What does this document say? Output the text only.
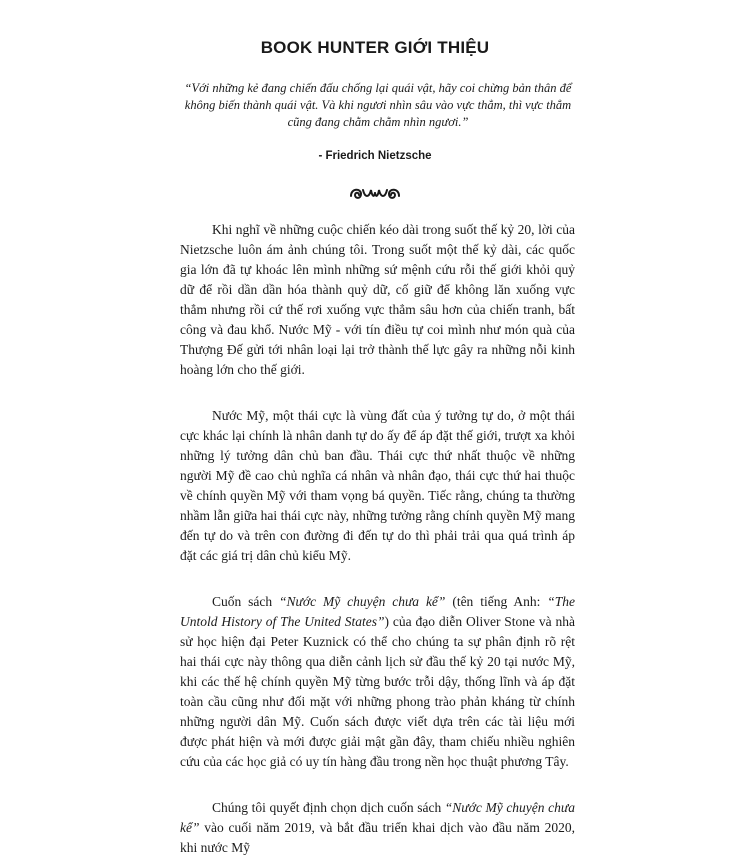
BOOK HUNTER GIỚI THIỆU
“Với những kẻ đang chiến đấu chống lại quái vật, hãy coi chừng bản thân để không biến thành quái vật. Và khi ngươi nhìn sâu vào vực thẳm, thì vực thẳm cũng đang chằm chằm nhìn ngươi.”
- Friedrich Nietzsche

Khi nghĩ về những cuộc chiến kéo dài trong suốt thế kỷ 20, lời của Nietzsche luôn ám ảnh chúng tôi. Trong suốt một thế kỷ dài, các quốc gia lớn đã tự khoác lên mình những sứ mệnh cứu rỗi thế giới khỏi quỷ dữ để rồi dần dần hóa thành quỷ dữ, cố giữ để không lăn xuống vực thẳm nhưng rồi cứ thế rơi xuống vực thẳm sâu hơn của chiến tranh, bất công và đau khổ. Nước Mỹ - với tín điều tự coi mình như món quà của Thượng Đế gửi tới nhân loại lại trở thành thế lực gây ra những nỗi kinh hoàng lớn cho thế giới.

Nước Mỹ, một thái cực là vùng đất của ý tưởng tự do, ở một thái cực khác lại chính là nhân danh tự do ấy để áp đặt thế giới, trượt xa khỏi những lý tưởng dân chủ ban đầu. Thái cực thứ nhất thuộc về những người Mỹ đề cao chủ nghĩa cá nhân và nhân đạo, thái cực thứ hai thuộc về chính quyền Mỹ với tham vọng bá quyền. Tiếc rằng, chúng ta thường nhầm lẫn giữa hai thái cực này, những tưởng rằng chính quyền Mỹ mang đến tự do và trên con đường đi đến tự do thì phải trải qua quá trình áp đặt các giá trị dân chủ kiểu Mỹ.

Cuốn sách “Nước Mỹ chuyện chưa kể” (tên tiếng Anh: “The Untold History of The United States”) của đạo diễn Oliver Stone và nhà sử học hiện đại Peter Kuznick có thể cho chúng ta sự phân định rõ rệt hai thái cực này thông qua diễn cảnh lịch sử đầu thế kỷ 20 tại nước Mỹ, khi các thế hệ chính quyền Mỹ từng bước trỗi dậy, thống lĩnh và áp đặt toàn cầu cũng như đối mặt với những phong trào phản kháng từ chính những người dân Mỹ. Cuốn sách được viết dựa trên các tài liệu mới được phát hiện và mới được giải mật gần đây, tham chiếu nhiều nghiên cứu của các học giả có uy tín hàng đầu trong nền học thuật phương Tây.

Chúng tôi quyết định chọn dịch cuốn sách “Nước Mỹ chuyện chưa kể” vào cuối năm 2019, và bắt đầu triển khai dịch vào đầu năm 2020, khi nước Mỹ
